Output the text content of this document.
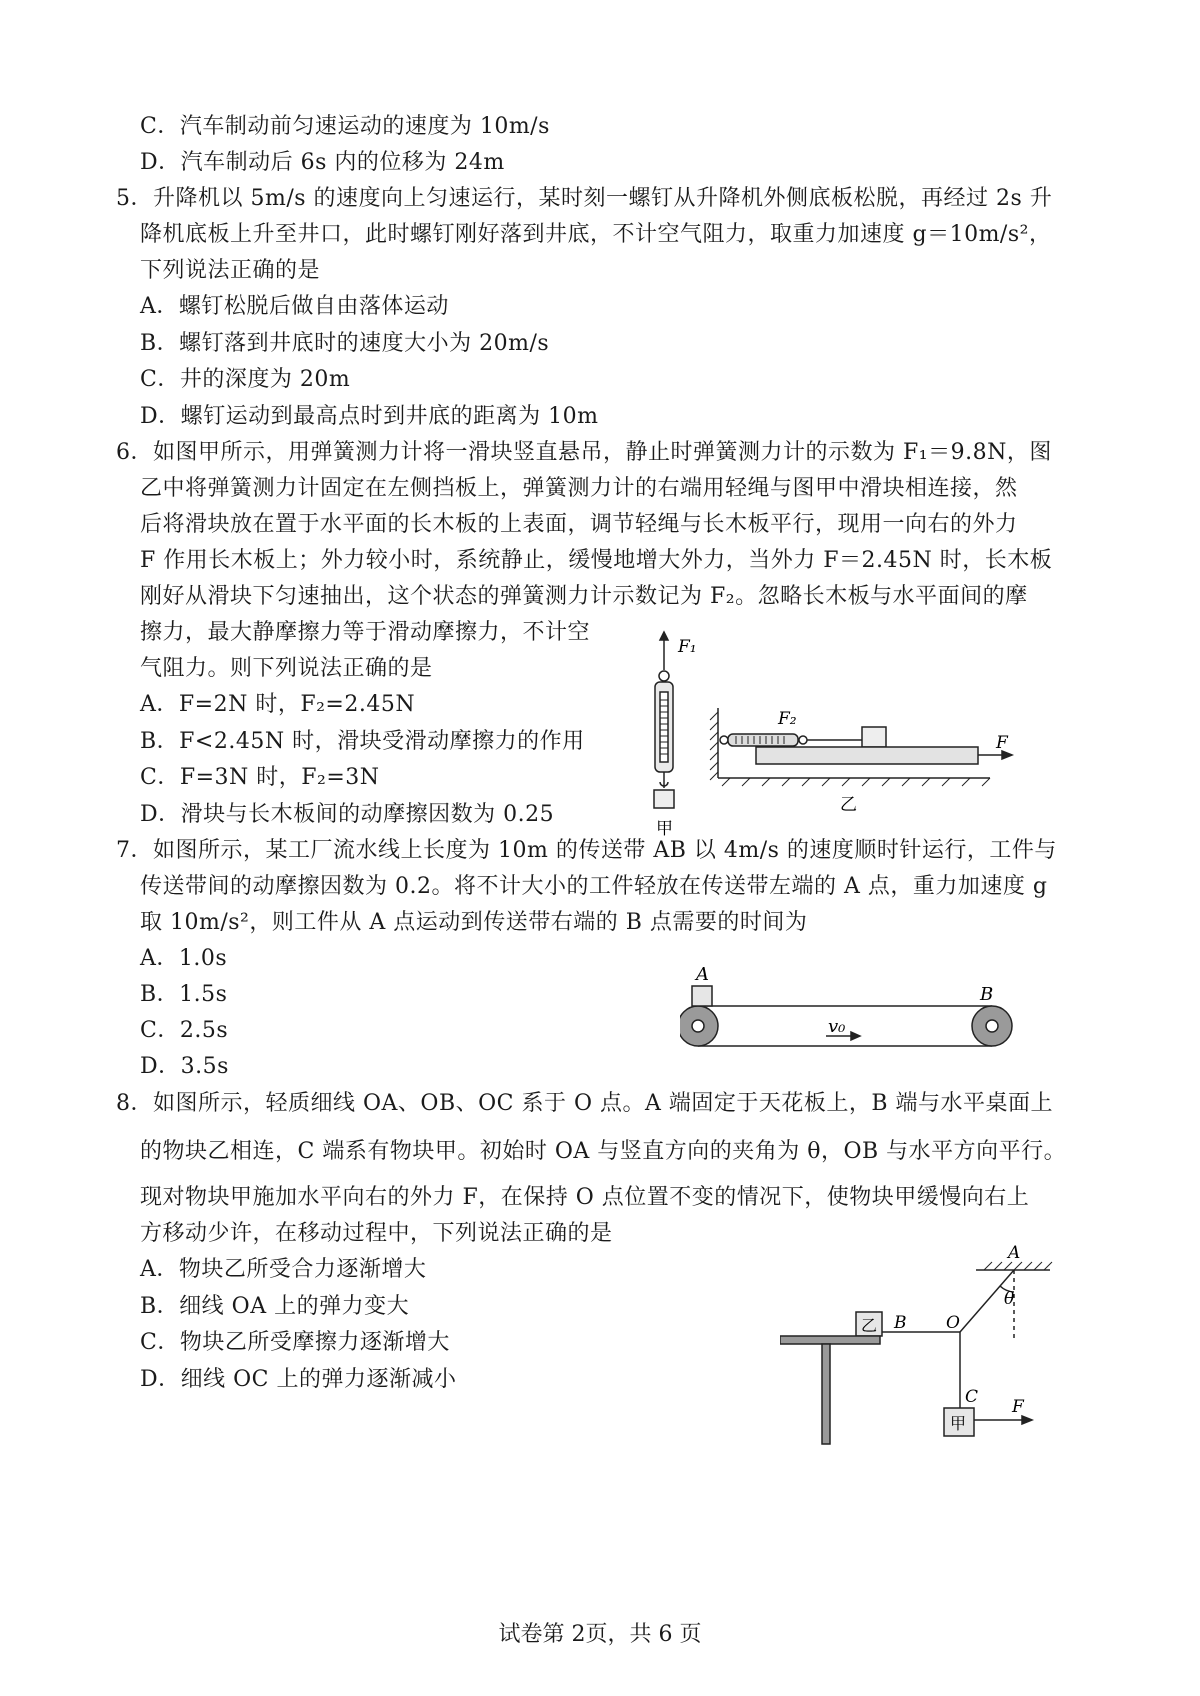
C．汽车制动前匀速运动的速度为 10m/s
D．汽车制动后 6s 内的位移为 24m
5．升降机以 5m/s 的速度向上匀速运行，某时刻一螺钉从升降机外侧底板松脱，再经过 2s 升
降机底板上升至井口，此时螺钉刚好落到井底，不计空气阻力，取重力加速度 g＝10m/s²，
下列说法正确的是
A．螺钉松脱后做自由落体运动
B．螺钉落到井底时的速度大小为 20m/s
C．井的深度为 20m
D．螺钉运动到最高点时到井底的距离为 10m
6．如图甲所示，用弹簧测力计将一滑块竖直悬吊，静止时弹簧测力计的示数为 F₁＝9.8N，图
乙中将弹簧测力计固定在左侧挡板上，弹簧测力计的右端用轻绳与图甲中滑块相连接，然
后将滑块放在置于水平面的长木板的上表面，调节轻绳与长木板平行，现用一向右的外力
F 作用长木板上；外力较小时，系统静止，缓慢地增大外力，当外力 F＝2.45N 时，长木板
刚好从滑块下匀速抽出，这个状态的弹簧测力计示数记为 F₂。忽略长木板与水平面间的摩
擦力，最大静摩擦力等于滑动摩擦力，不计空
气阻力。则下列说法正确的是
A．F=2N 时，F₂=2.45N
B．F<2.45N 时，滑块受滑动摩擦力的作用
C．F=3N 时，F₂=3N
D．滑块与长木板间的动摩擦因数为 0.25
F₁
甲
F₂
F
乙
7．如图所示，某工厂流水线上长度为 10m 的传送带 AB 以 4m/s 的速度顺时针运行，工件与
传送带间的动摩擦因数为 0.2。将不计大小的工件轻放在传送带左端的 A 点，重力加速度 g
取 10m/s²，则工件从 A 点运动到传送带右端的 B 点需要的时间为
A．1.0s
B．1.5s
C．2.5s
D．3.5s
A
B
v₀
8．如图所示，轻质细线 OA、OB、OC 系于 O 点。A 端固定于天花板上，B 端与水平桌面上
的物块乙相连，C 端系有物块甲。初始时 OA 与竖直方向的夹角为 θ，OB 与水平方向平行。
现对物块甲施加水平向右的外力 F，在保持 O 点位置不变的情况下，使物块甲缓慢向右上
方移动少许，在移动过程中，下列说法正确的是
A．物块乙所受合力逐渐增大
B．细线 OA 上的弹力变大
C．物块乙所受摩擦力逐渐增大
D．细线 OC 上的弹力逐渐减小
A
θ
B O
C F
乙
甲
试卷第 2页，共 6 页
